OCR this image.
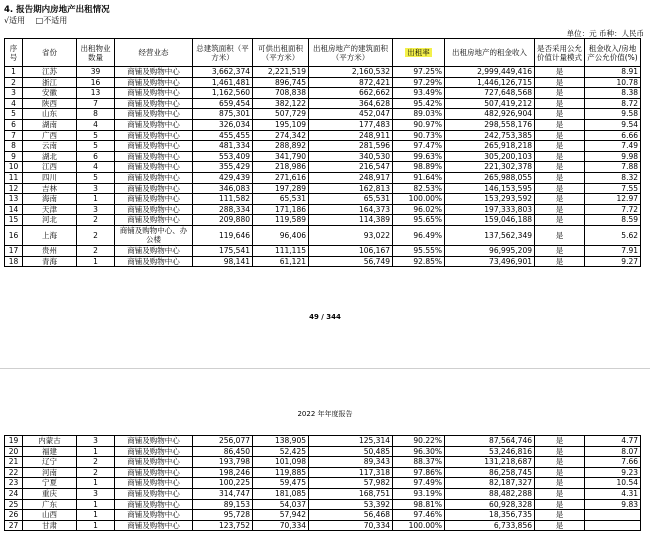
4. 报告期内房地产出租情况
√适用 □不适用
单位：元 币种：人民币
序号	省份	出租物业数量	经营业态	总建筑面积（平方米）	可供出租面积（平方米）	出租房地产的建筑面积（平方米）	出租率	出租房地产的租金收入	是否采用公允价值计量模式	租金收入/房地产公允价值(%)
1	江苏	39	商铺及购物中心	3,662,374	2,221,519	2,160,532	97.25%	2,999,449,416	是	8.91
2	浙江	16	商铺及购物中心	1,461,481	896,745	872,421	97.29%	1,446,126,715	是	10.78
3	安徽	13	商铺及购物中心	1,162,560	708,838	662,662	93.49%	727,648,568	是	8.38
4	陕西	7	商铺及购物中心	659,454	382,122	364,628	95.42%	507,419,212	是	8.72
5	山东	8	商铺及购物中心	875,301	507,729	452,047	89.03%	482,926,904	是	9.58
6	湖南	4	商铺及购物中心	326,034	195,109	177,483	90.97%	298,558,176	是	9.54
7	广西	5	商铺及购物中心	455,455	274,342	248,911	90.73%	242,753,385	是	6.66
8	云南	5	商铺及购物中心	481,334	288,892	281,596	97.47%	265,918,218	是	7.49
9	湖北	6	商铺及购物中心	553,409	341,790	340,530	99.63%	305,200,103	是	9.98
10	江西	4	商铺及购物中心	355,429	218,986	216,547	98.89%	221,302,378	是	7.88
11	四川	5	商铺及购物中心	429,439	271,616	248,917	91.64%	265,988,055	是	8.32
12	吉林	3	商铺及购物中心	346,083	197,289	162,813	82.53%	146,153,595	是	7.55
13	海南	1	商铺及购物中心	111,582	65,531	65,531	100.00%	153,293,592	是	12.97
14	天津	3	商铺及购物中心	288,334	171,186	164,373	96.02%	197,333,803	是	7.72
15	河北	2	商铺及购物中心	209,880	119,589	114,389	95.65%	159,046,188	是	8.59
16	上海	2	商铺及购物中心、办公楼	119,646	96,406	93,022	96.49%	137,562,349	是	5.62
17	贵州	2	商铺及购物中心	175,541	111,115	106,167	95.55%	96,995,209	是	7.91
18	青海	1	商铺及购物中心	98,141	61,121	56,749	92.85%	73,496,901	是	9.27
49 / 344
2022 年年度报告
19	内蒙古	3	商铺及购物中心	256,077	138,905	125,314	90.22%	87,564,746	是	4.77
20	福建	1	商铺及购物中心	86,450	52,425	50,485	96.30%	53,246,816	是	8.07
21	辽宁	2	商铺及购物中心	193,798	101,098	89,343	88.37%	131,218,687	是	7.66
22	河南	2	商铺及购物中心	198,246	119,885	117,318	97.86%	86,258,745	是	9.23
23	宁夏	1	商铺及购物中心	100,225	59,475	57,982	97.49%	82,187,327	是	10.54
24	重庆	3	商铺及购物中心	314,747	181,085	168,751	93.19%	88,482,288	是	4.31
25	广东	1	商铺及购物中心	89,153	54,037	53,392	98.81%	60,928,328	是	9.83
26	山西	1	商铺及购物中心	95,728	57,942	56,468	97.46%	18,356,735	是	
27	甘肃	1	商铺及购物中心	123,752	70,334	70,334	100.00%	6,733,856	是	
